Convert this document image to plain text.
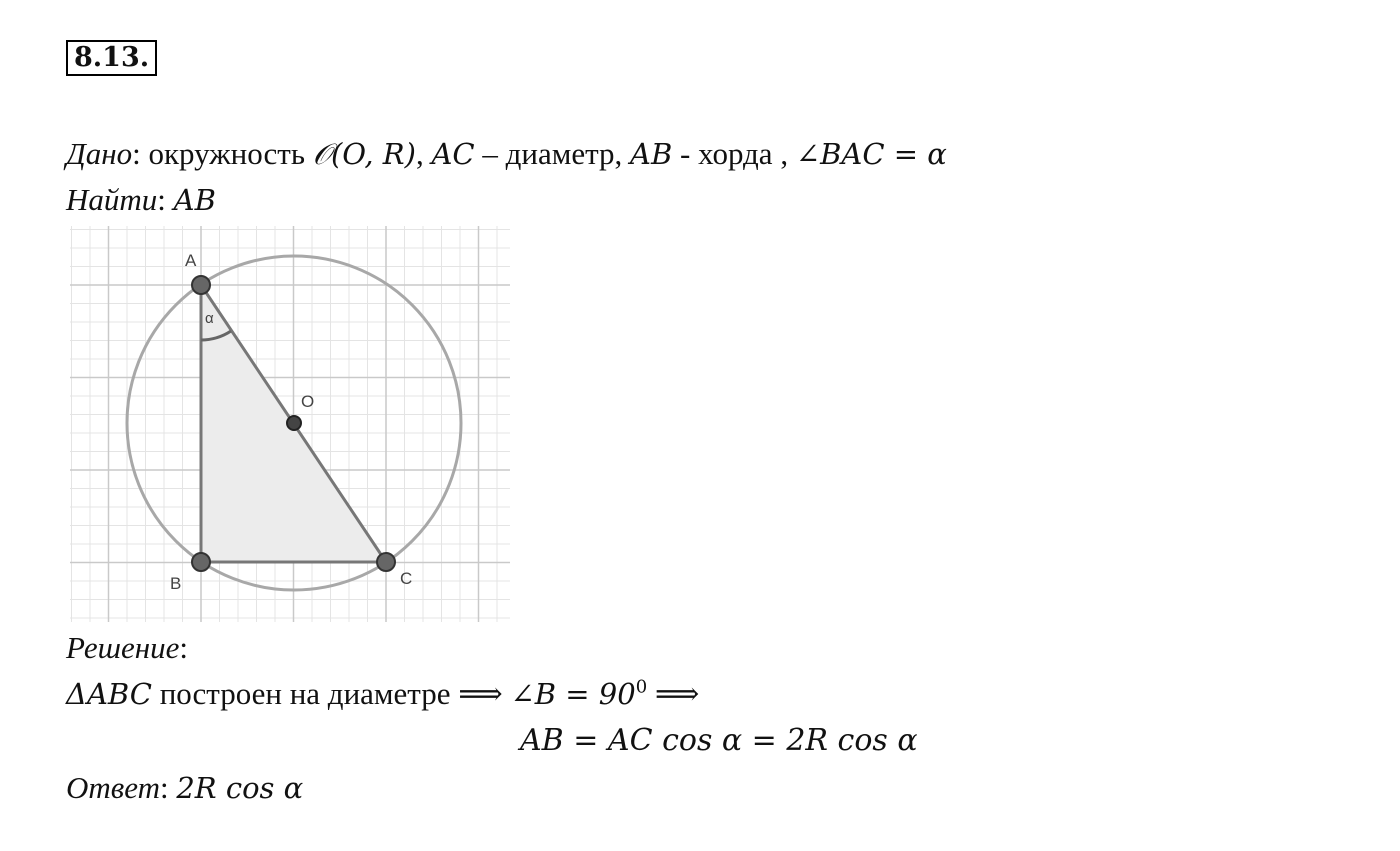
8.13.
Дано: окружность 𝒪(O, R), AC – диаметр, AB - хорда , ∠BAC = α
Найти: AB
A
B	C
O
α
Решение:
ΔABC построен на диаметре ⟹ ∠B = $90^0$ ⟹
AB = AC cos α = 2R cos α
Ответ: 2R cos α
